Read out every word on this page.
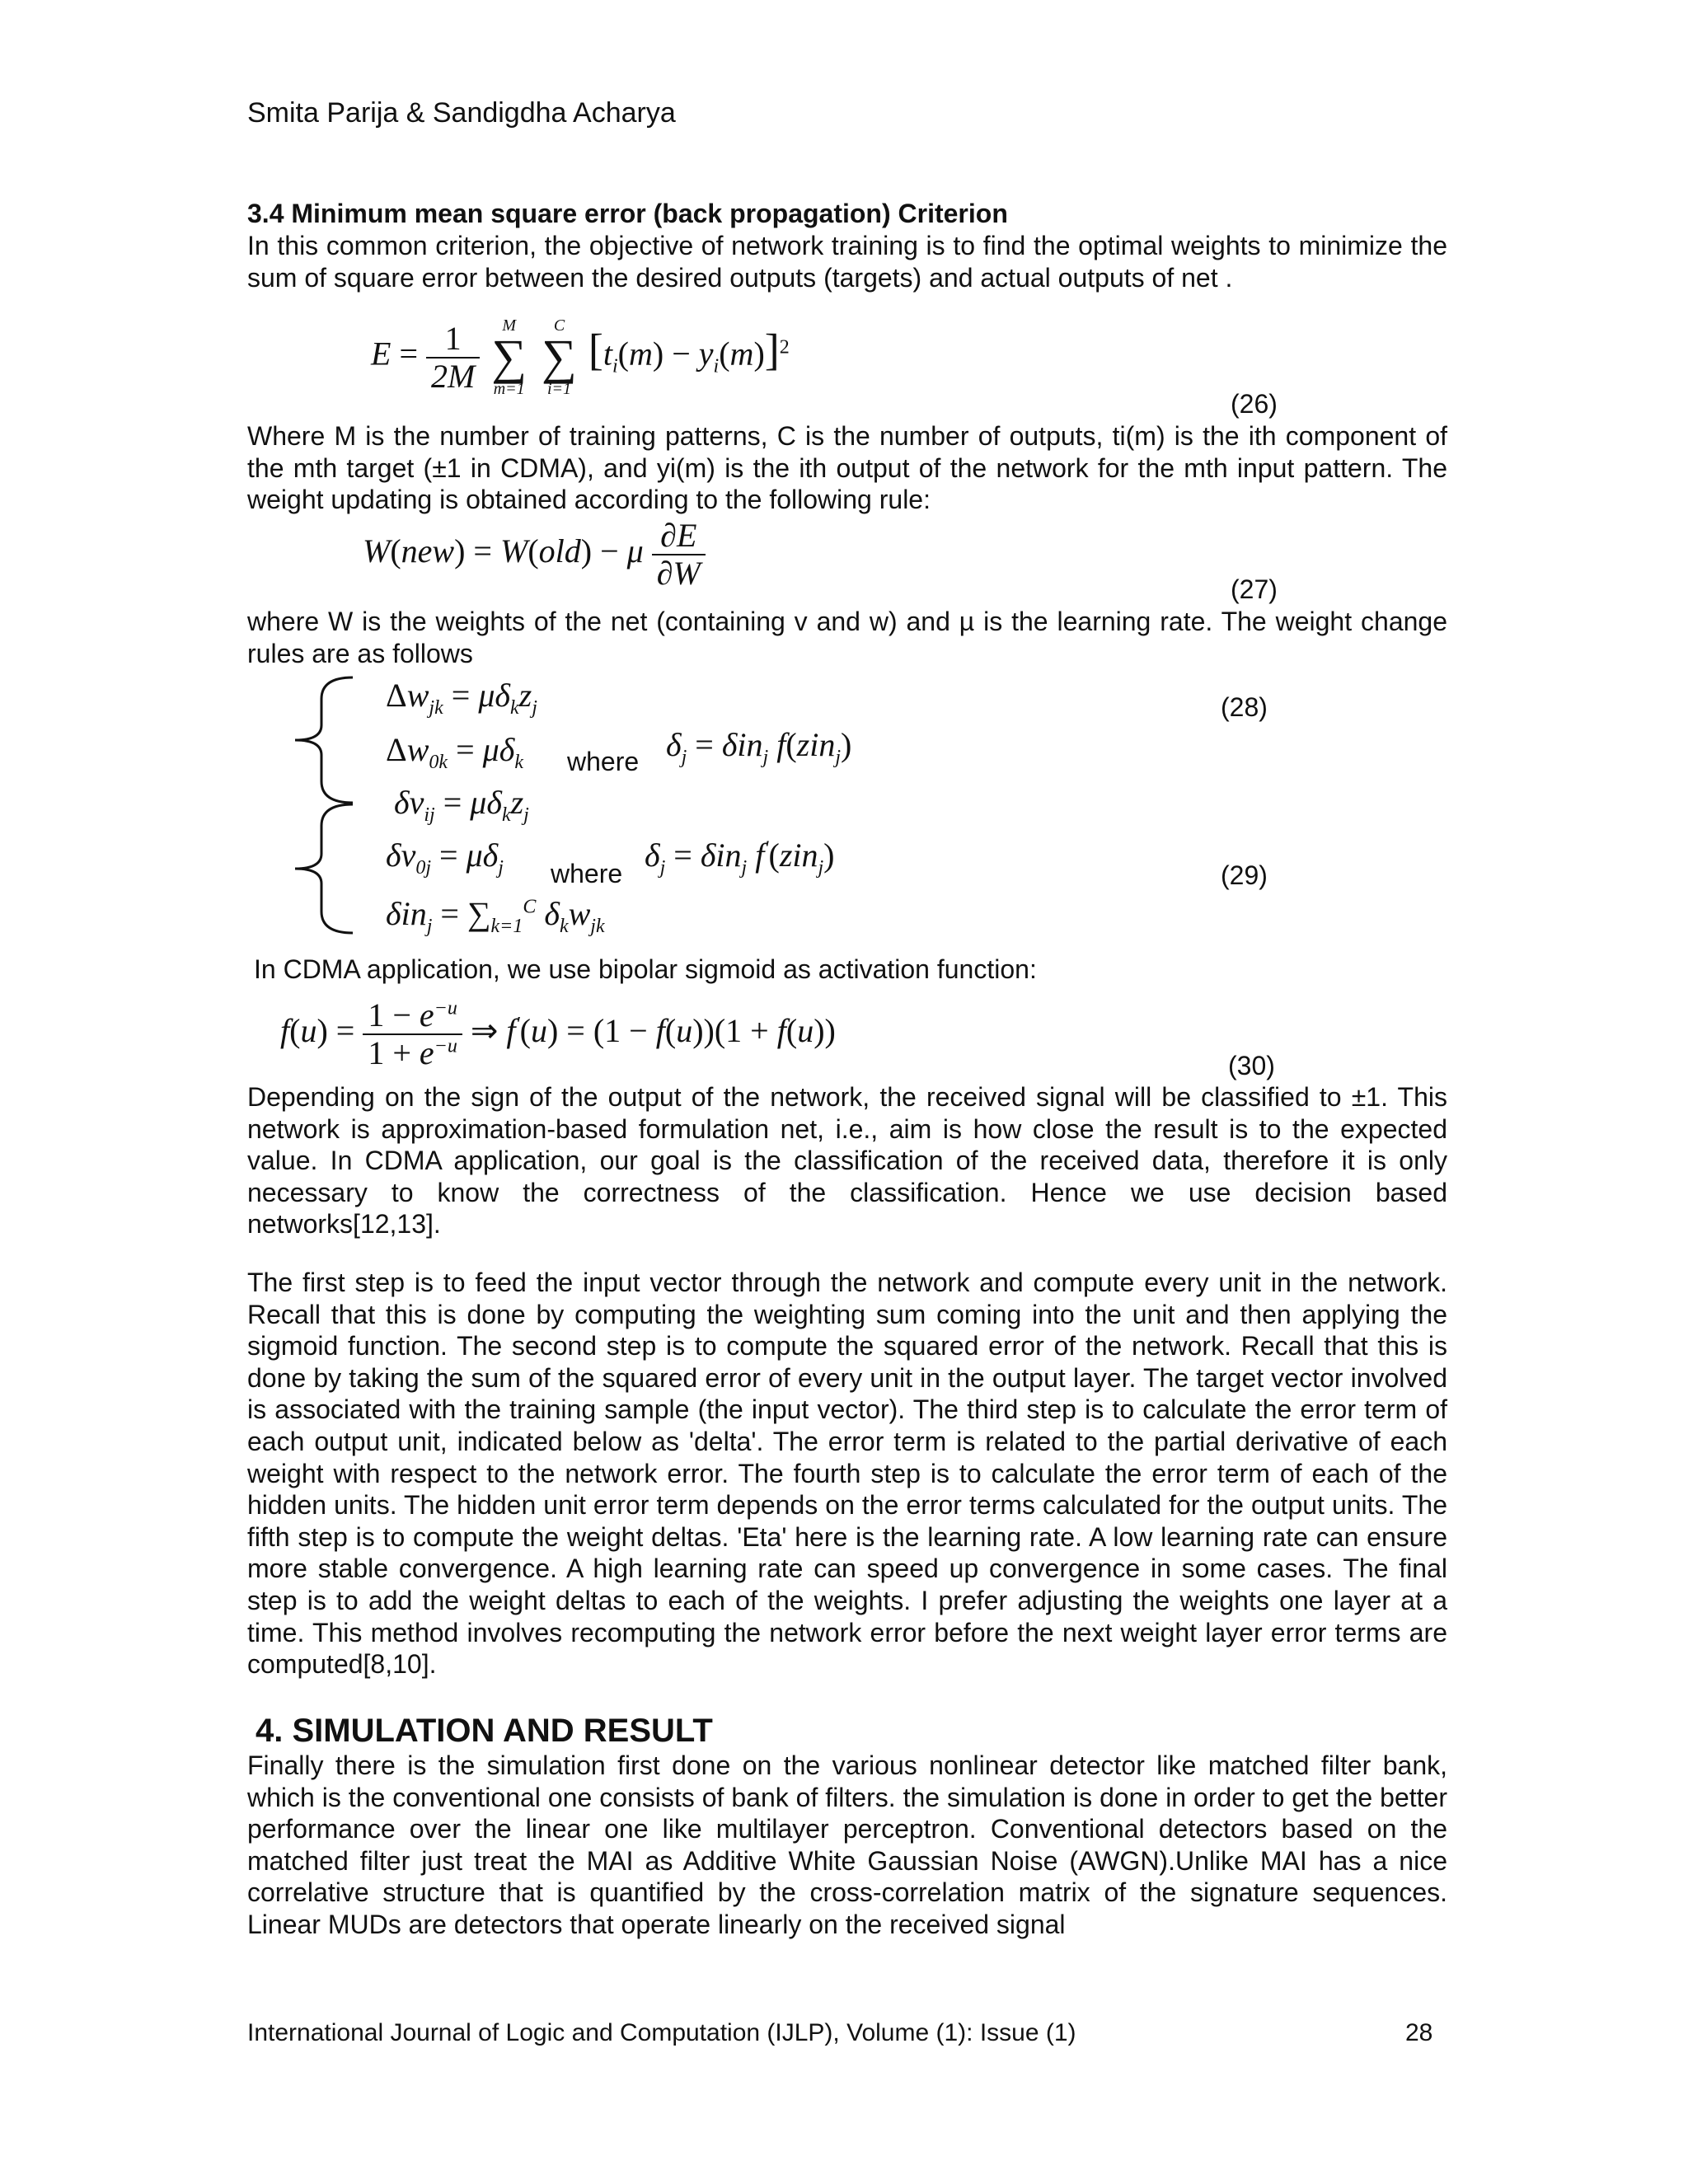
Smita Parija & Sandigdha Acharya
3.4 Minimum mean square error (back propagation) Criterion
In this common criterion, the objective of network training is to find the optimal weights to minimize the sum of square error between the desired outputs (targets) and actual outputs of net .
$E = \frac{1}{2M}$
M
∑
m=1

C
∑
i=1
$[t_i(m) - y_i(m)]^2$
(26)
Where M is the number of training patterns, C is the number of outputs, ti(m) is the ith component of the mth target (±1 in CDMA), and yi(m) is the ith output of the network for the mth input pattern. The weight updating is obtained according to the following rule:
W(new) = W(old) − μ $\frac{\partial E}{\partial W}$	(27)
where W is the weights of the net (containing v and w) and µ is the learning rate. The weight change rules are as follows
$\Delta w_{jk} = \mu\delta_kz_j$	(28)
$\Delta w_{0k} = \mu\delta_k$ where $\delta_j = \delta in_j$ f(zin$_j$)
$\delta v_{ij} = \mu\delta_kz_j$
$\delta v_{0j} = \mu\delta_j$ where $\delta_j = \delta in_j$ f'(zin$_j$)
(29)
$\delta in_j = \sum_{k=1}^C$ $\delta_kw_{jk}$
In CDMA application, we use bipolar sigmoid as activation function:
$f(u) = \frac{1 - e^{-u}}{1 + e^{-u}}$ ⇒ f'(u) = (1 − f(u))(1 + f(u))
(30)
Depending on the sign of the output of the network, the received signal will be classified to ±1. This network is approximation-based formulation net, i.e., aim is how close the result is to the expected value. In CDMA application, our goal is the classification of the received data, therefore it is only necessary to know the correctness of the classification. Hence we use decision based networks[12,13].
The first step is to feed the input vector through the network and compute every unit in the network. Recall that this is done by computing the weighting sum coming into the unit and then applying the sigmoid function. The second step is to compute the squared error of the network. Recall that this is done by taking the sum of the squared error of every unit in the output layer. The target vector involved is associated with the training sample (the input vector). The third step is to calculate the error term of each output unit, indicated below as 'delta'. The error term is related to the partial derivative of each weight with respect to the network error. The fourth step is to calculate the error term of each of the hidden units. The hidden unit error term depends on the error terms calculated for the output units. The fifth step is to compute the weight deltas. 'Eta' here is the learning rate. A low learning rate can ensure more stable convergence. A high learning rate can speed up convergence in some cases. The final step is to add the weight deltas to each of the weights. I prefer adjusting the weights one layer at a time. This method involves recomputing the network error before the next weight layer error terms are computed[8,10].
4. SIMULATION AND RESULT
Finally there is the simulation first done on the various nonlinear detector like matched filter bank, which is the conventional one consists of bank of filters. the simulation is done in order to get the better performance over the linear one like multilayer perceptron. Conventional detectors based on the matched filter just treat the MAI as Additive White Gaussian Noise (AWGN).Unlike MAI has a nice correlative structure that is quantified by the cross-correlation matrix of the signature sequences. Linear MUDs are detectors that operate linearly on the received signal
International Journal of Logic and Computation (IJLP), Volume (1): Issue (1)	28
